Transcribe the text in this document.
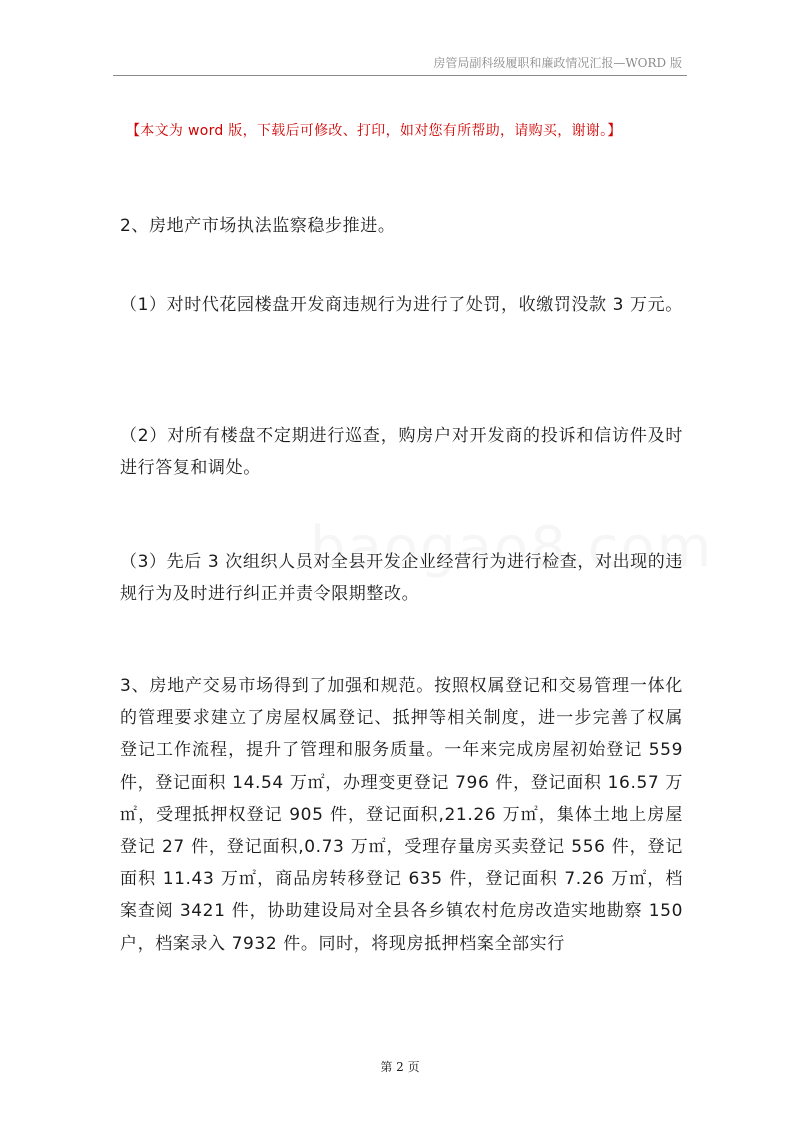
房管局副科级履职和廉政情况汇报—WORD 版
【本文为 word 版，下载后可修改、打印，如对您有所帮助，请购买，谢谢。】
2、房地产市场执法监察稳步推进。
（1）对时代花园楼盘开发商违规行为进行了处罚，收缴罚没款 3 万元。
（2）对所有楼盘不定期进行巡查，购房户对开发商的投诉和信访件及时进行答复和调处。
（3）先后 3 次组织人员对全县开发企业经营行为进行检查，对出现的违规行为及时进行纠正并责令限期整改。
3、房地产交易市场得到了加强和规范。按照权属登记和交易管理一体化的管理要求建立了房屋权属登记、抵押等相关制度，进一步完善了权属登记工作流程，提升了管理和服务质量。一年来完成房屋初始登记 559 件，登记面积 14.54 万㎡，办理变更登记 796 件，登记面积 16.57 万㎡，受理抵押权登记 905 件，登记面积,21.26 万㎡，集体土地上房屋登记 27 件，登记面积,0.73 万㎡，受理存量房买卖登记 556 件，登记面积 11.43 万㎡，商品房转移登记 635 件，登记面积 7.26 万㎡，档案查阅 3421 件，协助建设局对全县各乡镇农村危房改造实地勘察 150 户，档案录入 7932 件。同时，将现房抵押档案全部实行
第 2 页
